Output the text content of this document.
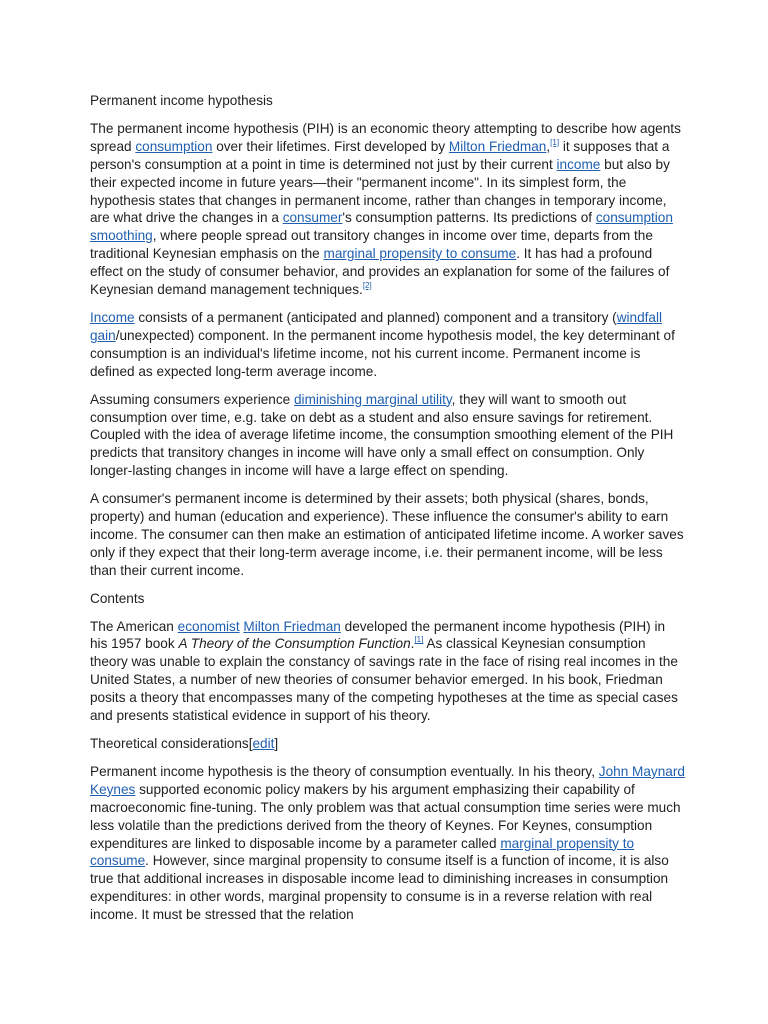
Permanent income hypothesis

The permanent income hypothesis (PIH) is an economic theory attempting to describe how agents spread consumption over their lifetimes. First developed by Milton Friedman,[1] it supposes that a person's consumption at a point in time is determined not just by their current income but also by their expected income in future years—their "permanent income". In its simplest form, the hypothesis states that changes in permanent income, rather than changes in temporary income, are what drive the changes in a consumer's consumption patterns. Its predictions of consumption smoothing, where people spread out transitory changes in income over time, departs from the traditional Keynesian emphasis on the marginal propensity to consume. It has had a profound effect on the study of consumer behavior, and provides an explanation for some of the failures of Keynesian demand management techniques.[2]

Income consists of a permanent (anticipated and planned) component and a transitory (windfall gain/unexpected) component. In the permanent income hypothesis model, the key determinant of consumption is an individual's lifetime income, not his current income. Permanent income is defined as expected long-term average income.

Assuming consumers experience diminishing marginal utility, they will want to smooth out consumption over time, e.g. take on debt as a student and also ensure savings for retirement. Coupled with the idea of average lifetime income, the consumption smoothing element of the PIH predicts that transitory changes in income will have only a small effect on consumption. Only longer-lasting changes in income will have a large effect on spending.

A consumer's permanent income is determined by their assets; both physical (shares, bonds, property) and human (education and experience). These influence the consumer's ability to earn income. The consumer can then make an estimation of anticipated lifetime income. A worker saves only if they expect that their long-term average income, i.e. their permanent income, will be less than their current income.

Contents

The American economist Milton Friedman developed the permanent income hypothesis (PIH) in his 1957 book A Theory of the Consumption Function.[1] As classical Keynesian consumption theory was unable to explain the constancy of savings rate in the face of rising real incomes in the United States, a number of new theories of consumer behavior emerged. In his book, Friedman posits a theory that encompasses many of the competing hypotheses at the time as special cases and presents statistical evidence in support of his theory.

Theoretical considerations[edit]

Permanent income hypothesis is the theory of consumption eventually. In his theory, John Maynard Keynes supported economic policy makers by his argument emphasizing their capability of macroeconomic fine-tuning. The only problem was that actual consumption time series were much less volatile than the predictions derived from the theory of Keynes. For Keynes, consumption expenditures are linked to disposable income by a parameter called marginal propensity to consume. However, since marginal propensity to consume itself is a function of income, it is also true that additional increases in disposable income lead to diminishing increases in consumption expenditures: in other words, marginal propensity to consume is in a reverse relation with real income. It must be stressed that the relation
